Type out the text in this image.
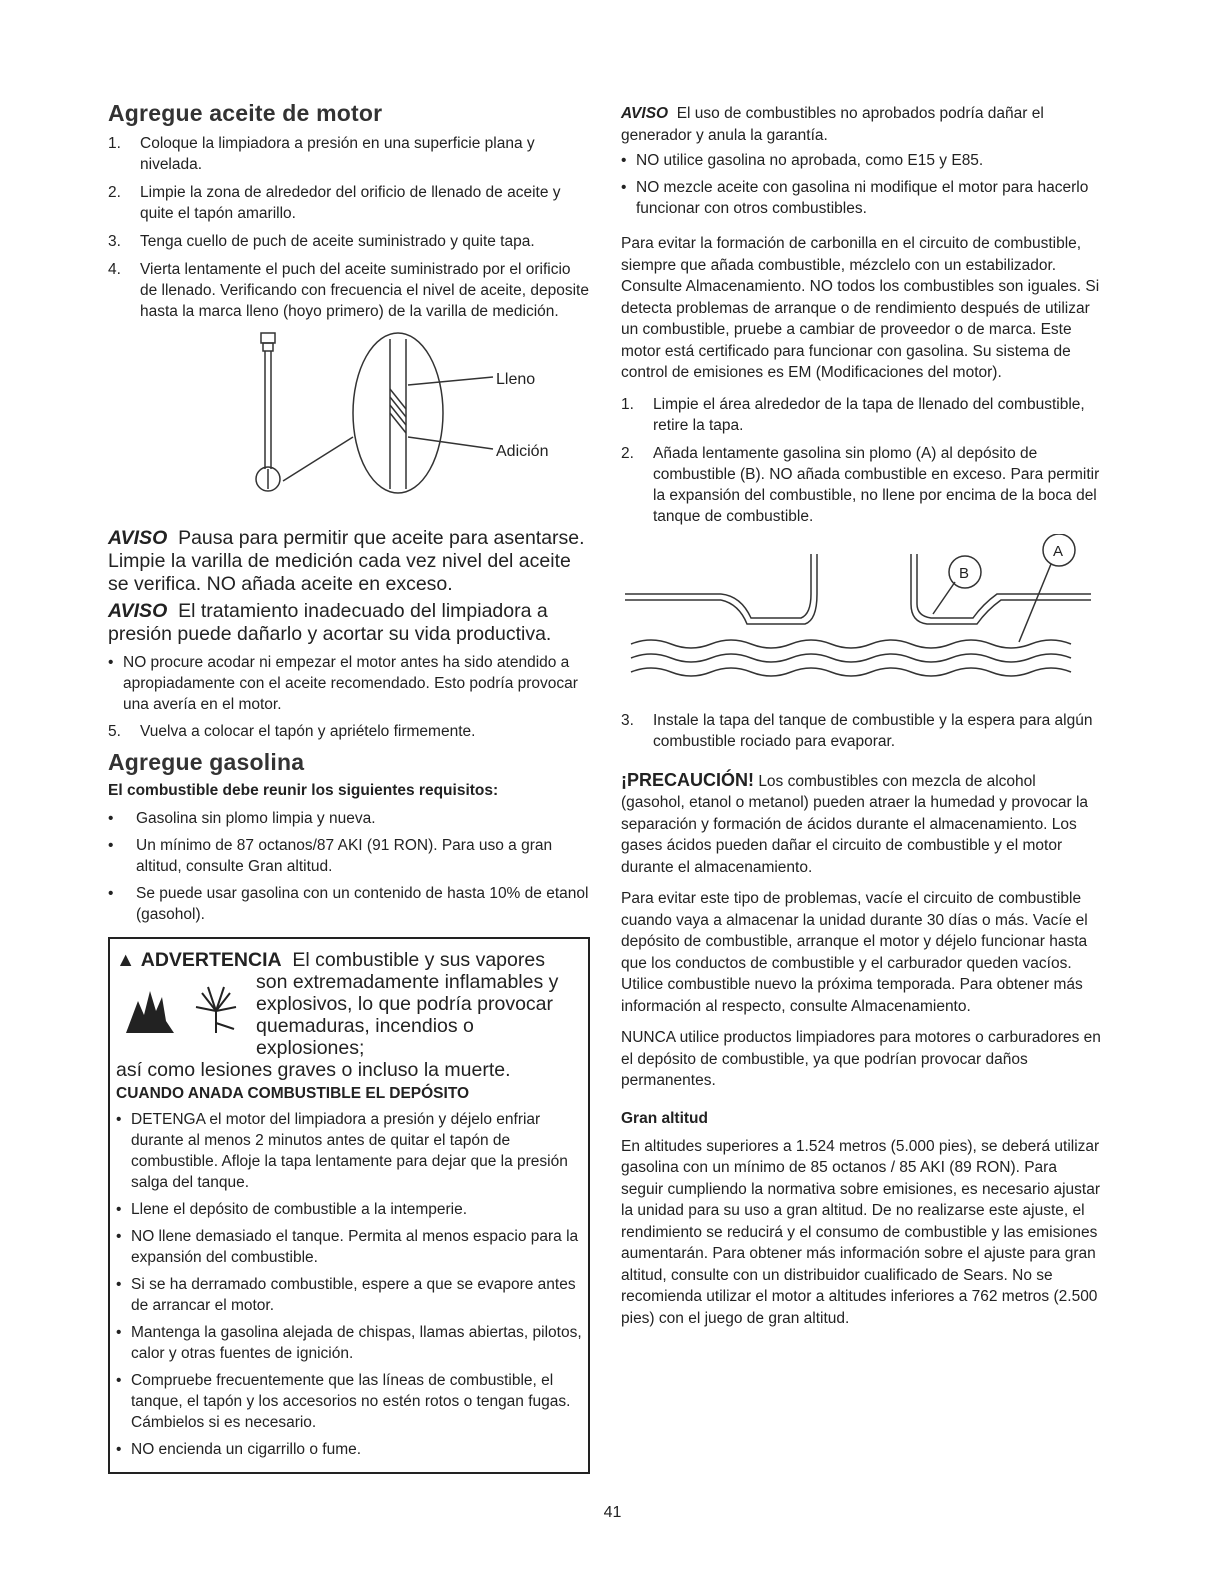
Agregue aceite de motor
1.	Coloque la limpiadora a presión en una superficie plana y nivelada.
2.	Limpie la zona de alrededor del orificio de llenado de aceite y quite el tapón amarillo.
3.	Tenga cuello de puch de aceite suministrado y quite tapa.
4.	Vierta lentamente el puch del aceite suministrado por el orificio de llenado. Verificando con frecuencia el nivel de aceite, deposite hasta la marca lleno (hoyo primero) de la varilla de medición.
Lleno
Adición

AVISO Pausa para permitir que aceite para asentarse. Limpie la varilla de medición cada vez nivel del aceite se verifica. NO añada aceite en exceso.

AVISO El tratamiento inadecuado del limpiadora a presión puede dañarlo y acortar su vida productiva.

• NO procure acodar ni empezar el motor antes ha sido atendido a apropiadamente con el aceite recomendado. Esto podría provocar una avería en el motor.
5.	Vuelva a colocar el tapón y apriételo firmemente.
Agregue gasolina
El combustible debe reunir los siguientes requisitos:
•	Gasolina sin plomo limpia y nueva.
•	Un mínimo de 87 octanos/87 AKI (91 RON). Para uso a gran altitud, consulte Gran altitud.
•	Se puede usar gasolina con un contenido de hasta 10% de etanol (gasohol).
▲ ADVERTENCIA El combustible y sus vapores
son extremadamente inflamables y explosivos, lo que podría provocar quemaduras, incendios o explosiones;
así como lesiones graves o incluso la muerte.
CUANDO ANADA COMBUSTIBLE EL DEPÓSITO
• DETENGA el motor del limpiadora a presión y déjelo enfriar durante al menos 2 minutos antes de quitar el tapón de combustible. Afloje la tapa lentamente para dejar que la presión salga del tanque.
• Llene el depósito de combustible a la intemperie.
• NO llene demasiado el tanque. Permita al menos espacio para la expansión del combustible.
• Si se ha derramado combustible, espere a que se evapore antes de arrancar el motor.
• Mantenga la gasolina alejada de chispas, llamas abiertas, pilotos, calor y otras fuentes de ignición.
• Compruebe frecuentemente que las líneas de combustible, el tanque, el tapón y los accesorios no estén rotos o tengan fugas. Cámbielos si es necesario.
• NO encienda un cigarrillo o fume.

AVISO El uso de combustibles no aprobados podría dañar el generador y anula la garantía.

• NO utilice gasolina no aprobada, como E15 y E85.
• NO mezcle aceite con gasolina ni modifique el motor para hacerlo funcionar con otros combustibles.

Para evitar la formación de carbonilla en el circuito de combustible, siempre que añada combustible, mézclelo con un estabilizador. Consulte Almacenamiento. NO todos los combustibles son iguales. Si detecta problemas de arranque o de rendimiento después de utilizar un combustible, pruebe a cambiar de proveedor o de marca. Este motor está certificado para funcionar con gasolina. Su sistema de control de emisiones es EM (Modificaciones del motor).

1.	Limpie el área alrededor de la tapa de llenado del combustible, retire la tapa.
2.	Añada lentamente gasolina sin plomo (A) al depósito de combustible (B). NO añada combustible en exceso. Para permitir la expansión del combustible, no llene por encima de la boca del tanque de combustible.
B
A
3.	Instale la tapa del tanque de combustible y la espera para algún combustible rociado para evaporar.

¡PRECAUCIÓN! Los combustibles con mezcla de alcohol (gasohol, etanol o metanol) pueden atraer la humedad y provocar la separación y formación de ácidos durante el almacenamiento. Los gases ácidos pueden dañar el circuito de combustible y el motor durante el almacenamiento.

Para evitar este tipo de problemas, vacíe el circuito de combustible cuando vaya a almacenar la unidad durante 30 días o más. Vacíe el depósito de combustible, arranque el motor y déjelo funcionar hasta que los conductos de combustible y el carburador queden vacíos. Utilice combustible nuevo la próxima temporada. Para obtener más información al respecto, consulte Almacenamiento.

NUNCA utilice productos limpiadores para motores o carburadores en el depósito de combustible, ya que podrían provocar daños permanentes.

Gran altitud

En altitudes superiores a 1.524 metros (5.000 pies), se deberá utilizar gasolina con un mínimo de 85 octanos / 85 AKI (89 RON). Para seguir cumpliendo la normativa sobre emisiones, es necesario ajustar la unidad para su uso a gran altitud. De no realizarse este ajuste, el rendimiento se reducirá y el consumo de combustible y las emisiones aumentarán. Para obtener más información sobre el ajuste para gran altitud, consulte con un distribuidor cualificado de Sears. No se recomienda utilizar el motor a altitudes inferiores a 762 metros (2.500 pies) con el juego de gran altitud.

41
